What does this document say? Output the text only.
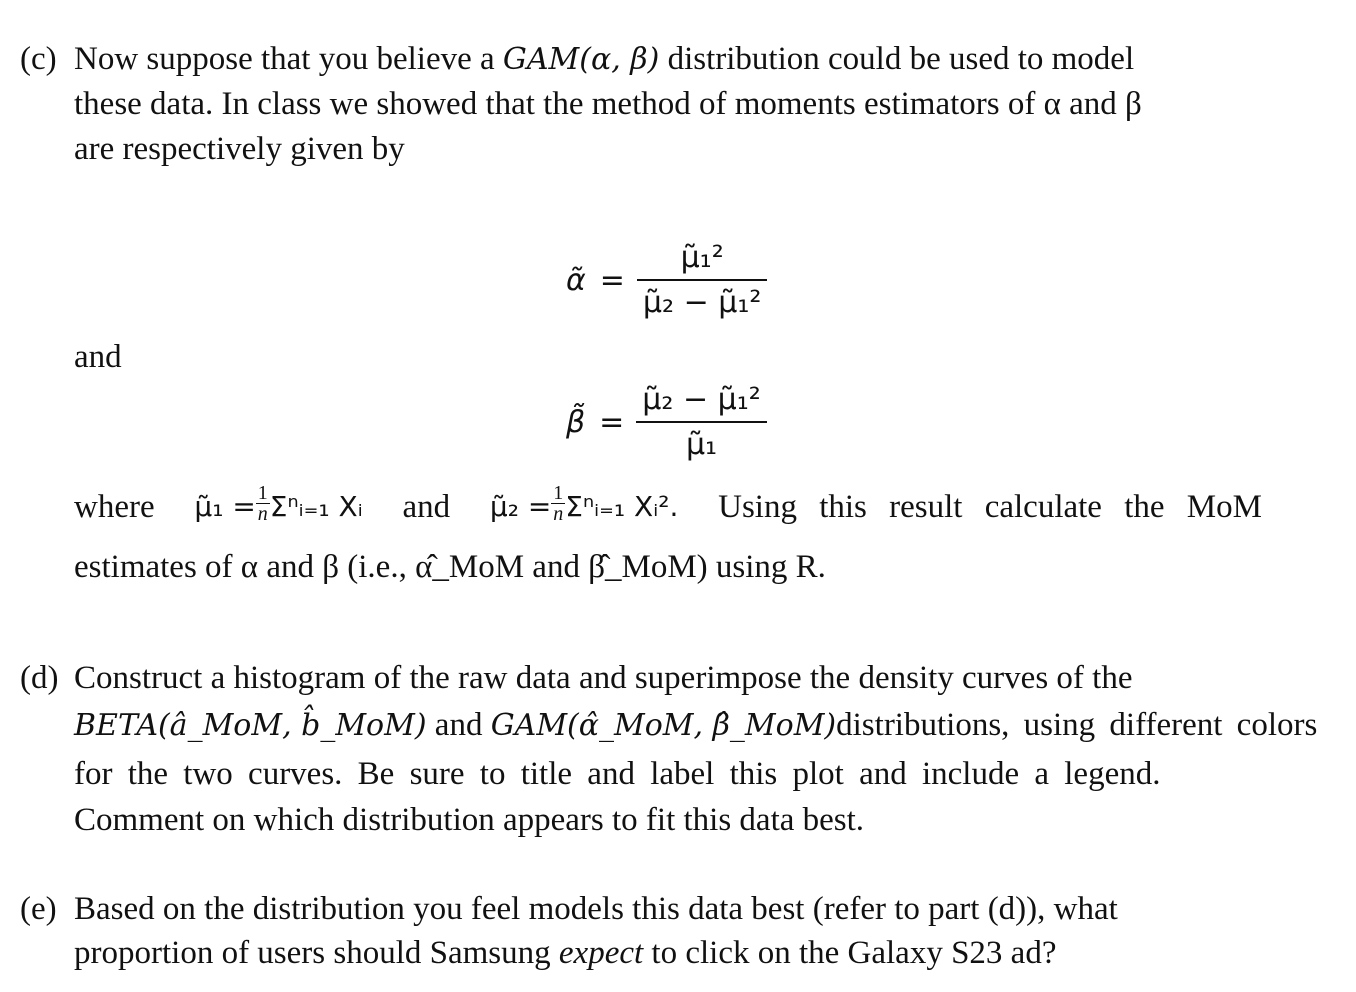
(c) Now suppose that you believe a GAM(α, β) distribution could be used to model
these data. In class we showed that the method of moments estimators of α and β
are respectively given by
α̃ =
μ̃₁²
μ̃₂ − μ̃₁²
and
β̃ =
μ̃₂ − μ̃₁²
μ̃₁
where μ̃₁ = $\frac{1}{n}$ Σⁿᵢ₌₁ Xᵢ and μ̃₂ = $\frac{1}{n}$ Σⁿᵢ₌₁ Xᵢ². Using this result calculate the MoM
estimates of α and β (i.e., α̂_MoM and β̂_MoM) using R.
(d) Construct a histogram of the raw data and superimpose the density curves of the
BETA(â_MoM, b̂_MoM) and GAM(α̂_MoM, β̂_MoM) distributions, using different colors
for the two curves. Be sure to title and label this plot and include a legend.
Comment on which distribution appears to fit this data best.
(e) Based on the distribution you feel models this data best (refer to part (d)), what
proportion of users should Samsung expect to click on the Galaxy S23 ad?
